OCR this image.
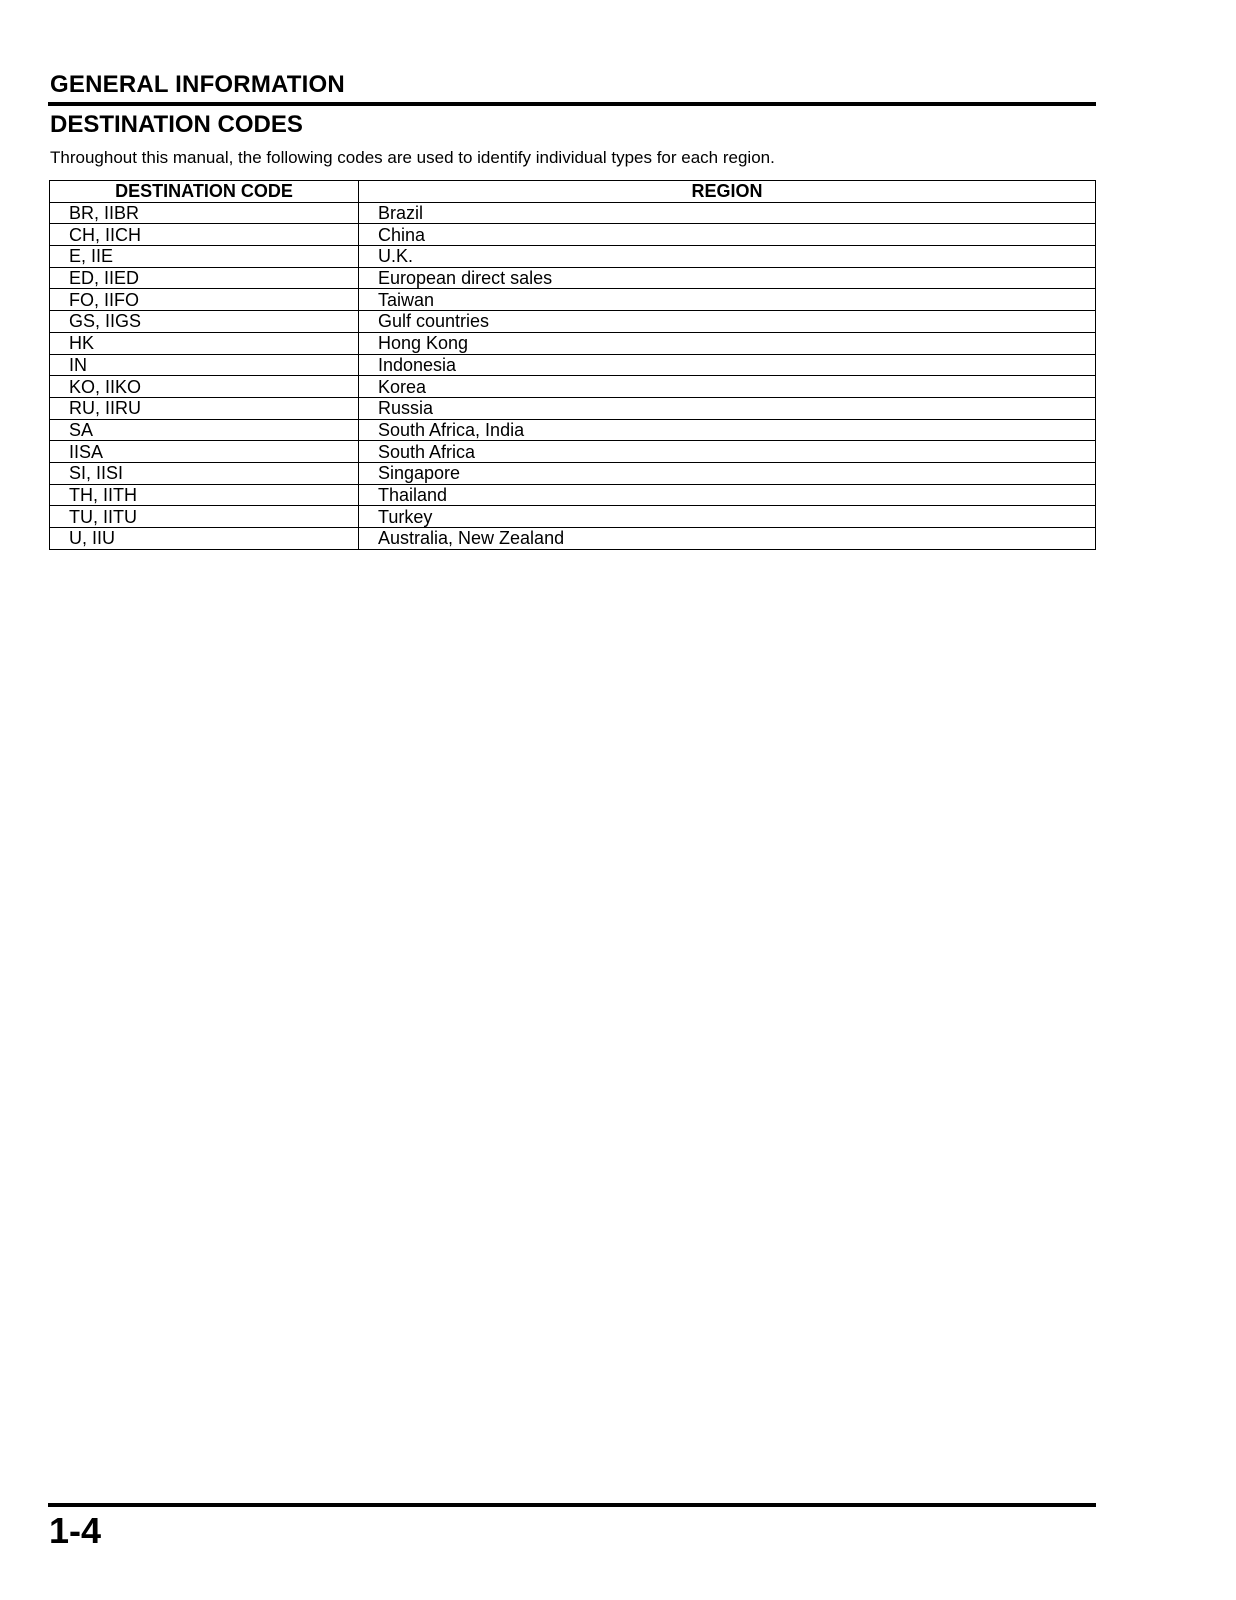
GENERAL INFORMATION
DESTINATION CODES

Throughout this manual, the following codes are used to identify individual types for each region.

DESTINATION CODE	REGION
BR, IIBR	Brazil
CH, IICH	China
E, IIE	U.K.
ED, IIED	European direct sales
FO, IIFO	Taiwan
GS, IIGS	Gulf countries
HK	Hong Kong
IN	Indonesia
KO, IIKO	Korea
RU, IIRU	Russia
SA	South Africa, India
IISA	South Africa
SI, IISI	Singapore
TH, IITH	Thailand
TU, IITU	Turkey
U, IIU	Australia, New Zealand

1-4
